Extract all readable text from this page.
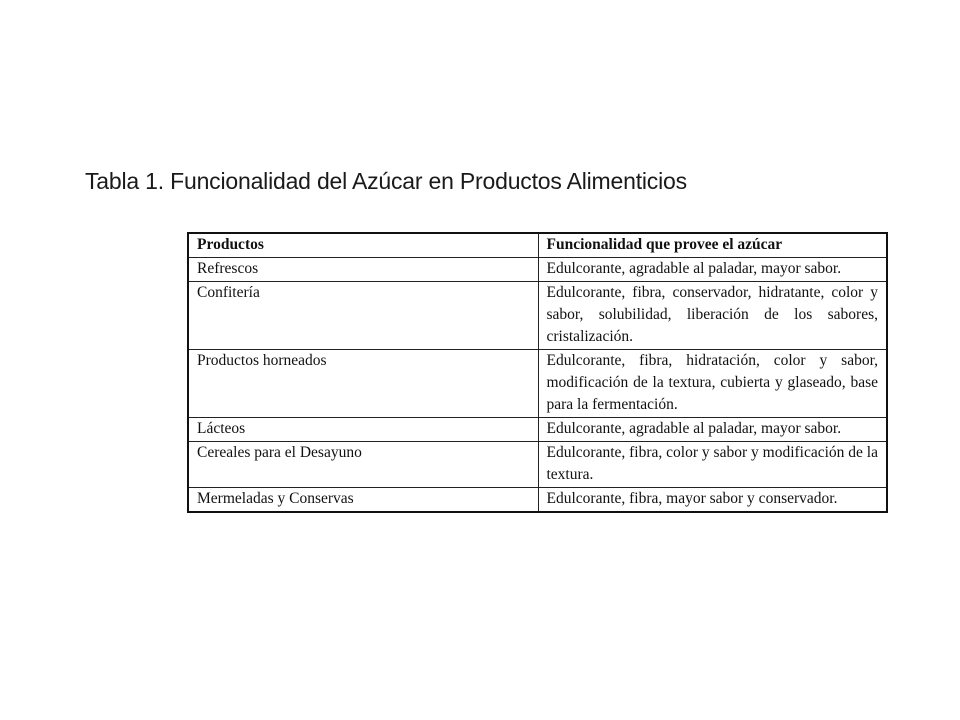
Tabla 1. Funcionalidad del Azúcar en Productos Alimenticios
Productos	Funcionalidad que provee el azúcar
Refrescos	Edulcorante, agradable al paladar, mayor sabor.
Confitería	Edulcorante, fibra, conservador, hidratante, color y sabor, solubilidad, liberación de los sabores, cristalización.
Productos horneados	Edulcorante, fibra, hidratación, color y sabor, modificación de la textura, cubierta y glaseado, base para la fermentación.
Lácteos	Edulcorante, agradable al paladar, mayor sabor.
Cereales para el Desayuno	Edulcorante, fibra, color y sabor y modificación de la textura.
Mermeladas y Conservas	Edulcorante, fibra, mayor sabor y conservador.
